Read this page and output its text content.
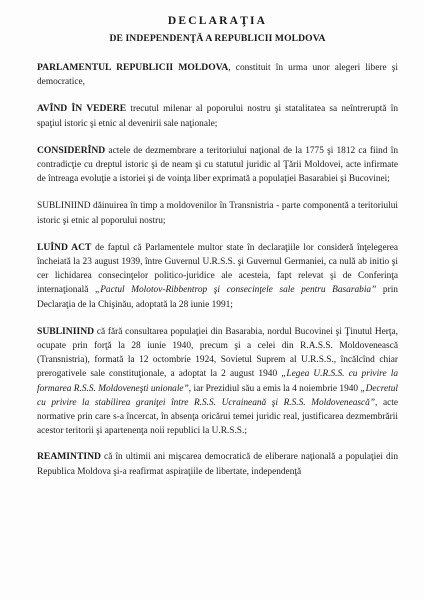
DECLARAŢIA
DE INDEPENDENŢĂ A REPUBLICII MOLDOVA

PARLAMENTUL REPUBLICII MOLDOVA, constituit în urma unor alegeri libere şi democratice,

AVÎND ÎN VEDERE trecutul milenar al poporului nostru şi statalitatea sa neîntreruptă în spaţiul istoric şi etnic al devenirii sale naţionale;

CONSIDERÎND actele de dezmembrare a teritoriului naţional de la 1775 şi 1812 ca fiind în contradicţie cu dreptul istoric şi de neam şi cu statutul juridic al Ţării Moldovei, acte infirmate de întreaga evoluţie a istoriei şi de voinţa liber exprimată a populaţiei Basarabiei şi Bucovinei;

SUBLINIIND dăinuirea în timp a moldovenilor în Transnistria - parte componentă a teritoriului istoric şi etnic al poporului nostru;

LUÎND ACT de faptul că Parlamentele multor state în declaraţiile lor consideră înţelegerea încheiată la 23 august 1939, între Guvernul U.R.S.S. şi Guvernul Germaniei, ca nulă ab initio şi cer lichidarea consecinţelor politico-juridice ale acesteia, fapt relevat şi de Conferinţa internaţională „Pactul Molotov-Ribbentrop şi consecinţele sale pentru Basarabia” prin Declaraţia de la Chişinău, adoptată la 28 iunie 1991;

SUBLINIIND că fără consultarea populaţiei din Basarabia, nordul Bucovinei şi Ţinutul Herţa, ocupate prin forţă la 28 iunie 1940, precum şi a celei din R.A.S.S. Moldovenească (Transnistria), formată la 12 octombrie 1924, Sovietul Suprem al U.R.S.S., încălcînd chiar prerogativele sale constituţionale, a adoptat la 2 august 1940 „Legea U.R.S.S. cu privire la formarea R.S.S. Moldoveneşti unionale”, iar Prezidiul său a emis la 4 noiembrie 1940 „Decretul cu privire la stabilirea graniţei între R.S.S. Ucraineană şi R.S.S. Moldovenească”, acte normative prin care s-a încercat, în absenţa oricărui temei juridic real, justificarea dezmembrării acestor teritorii şi apartenenţa noii republici la U.R.S.S.;

REAMINTIND că în ultimii ani mişcarea democratică de eliberare naţională a populaţiei din Republica Moldova şi-a reafirmat aspiraţiile de libertate, independenţă
